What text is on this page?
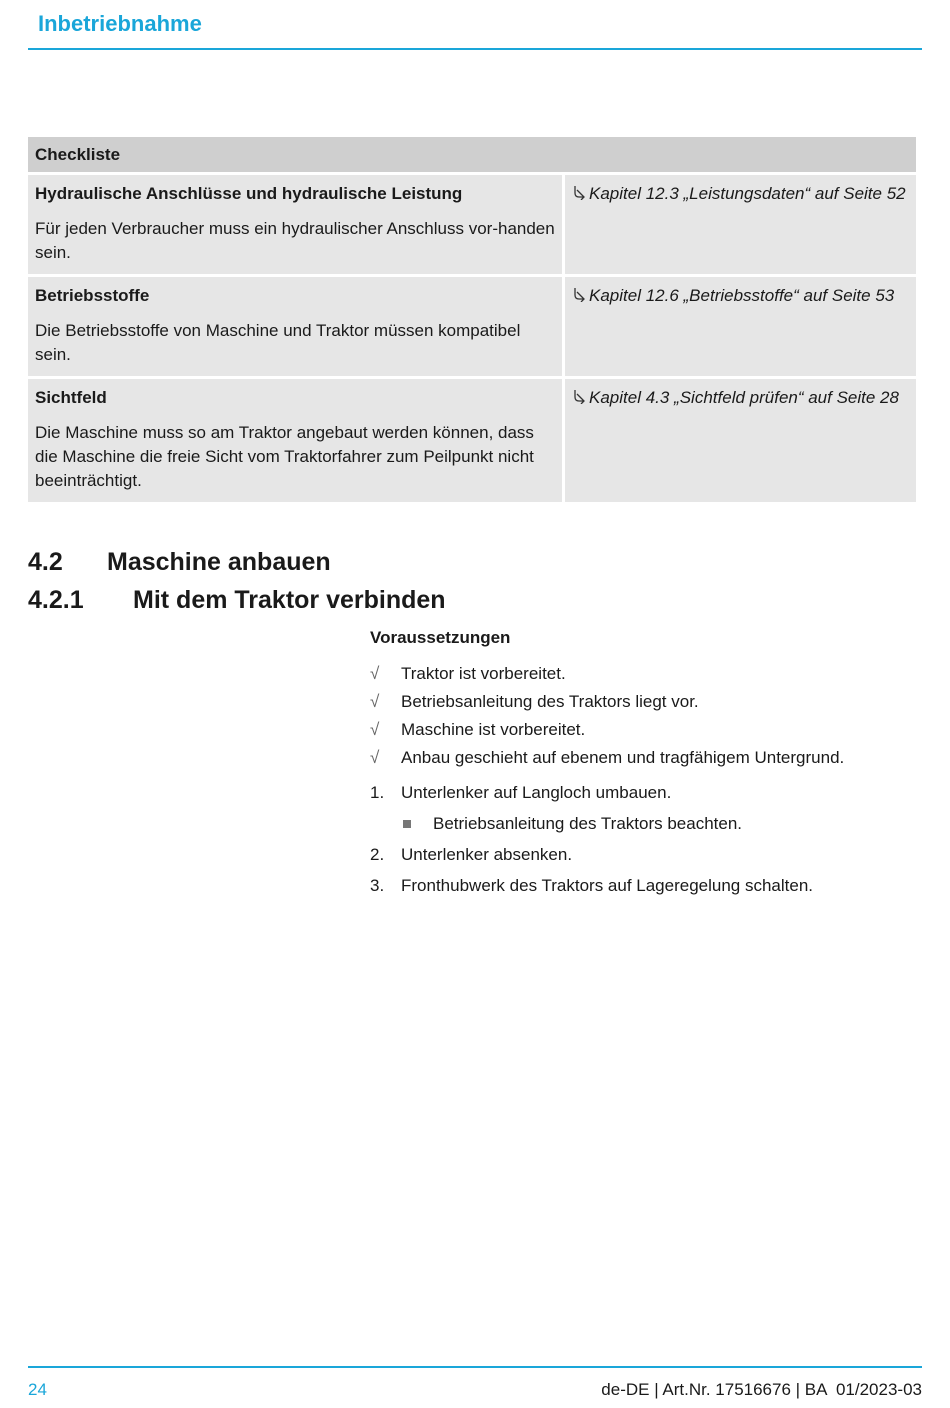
Inbetriebnahme
Checkliste	

Hydraulische Anschlüsse und hydraulische Leistung
Für jeden Verbraucher muss ein hydraulischer Anschluss vor-handen sein.	Kapitel 12.3 „Leistungsdaten“ auf Seite 52

Betriebsstoffe
Die Betriebsstoffe von Maschine und Traktor müssen kompatibel sein.	Kapitel 12.6 „Betriebsstoffe“ auf Seite 53

Sichtfeld
Die Maschine muss so am Traktor angebaut werden können, dass die Maschine die freie Sicht vom Traktorfahrer zum Peilpunkt nicht beeinträchtigt.	Kapitel 4.3 „Sichtfeld prüfen“ auf Seite 28
4.2 Maschine anbauen
4.2.1 Mit dem Traktor verbinden
Voraussetzungen
√ Traktor ist vorbereitet.
√ Betriebsanleitung des Traktors liegt vor.
√ Maschine ist vorbereitet.
√ Anbau geschieht auf ebenem und tragfähigem Untergrund.
1. Unterlenker auf Langloch umbauen.
Betriebsanleitung des Traktors beachten.
2. Unterlenker absenken.
3. Fronthubwerk des Traktors auf Lageregelung schalten.
24	de-DE | Art.Nr. 17516676 | BA  01/2023-03
